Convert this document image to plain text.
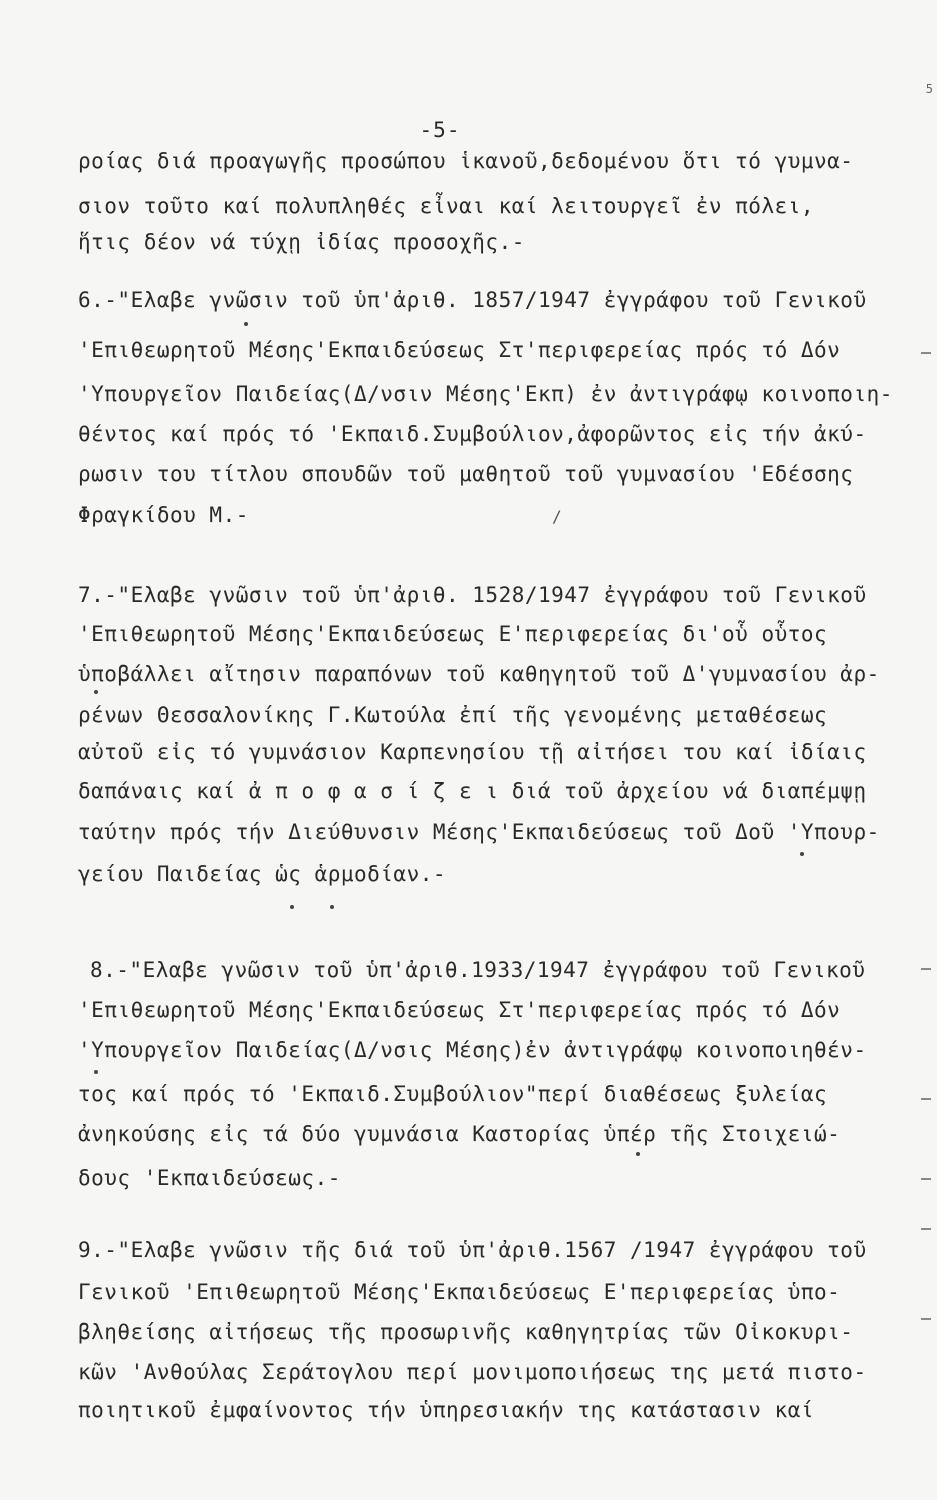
5
-5-
ροίας διά προαγωγῆς προσώπου ἱκανοῦ,δεδομένου ὅτι τό γυμνα-
σιον τοῦτο καί πολυπληθές εἶναι καί λειτουργεῖ ἐν πόλει,
ἥτις δέον νά τύχῃ ἰδίας προσοχῆς.-
6.-"Ελαβε γνῶσιν τοῦ ὑπ'ἀριθ. 1857/1947 ἐγγράφου τοῦ Γενικοῦ
'Επιθεωρητοῦ Μέσης'Εκπαιδεύσεως Στ'περιφερείας πρός τό Δόν
'Υπουργεῖον Παιδείας(Δ/νσιν Μέσης'Εκπ) ἐν ἀντιγράφῳ κοινοποιη-
θέντος καί πρός τό 'Εκπαιδ.Συμβούλιον,ἀφορῶντος εἰς τήν ἀκύ-
ρωσιν του τίτλου σπουδῶν τοῦ μαθητοῦ τοῦ γυμνασίου 'Εδέσσης
Φραγκίδου Μ.-	/
7.-"Ελαβε γνῶσιν τοῦ ὑπ'ἀριθ. 1528/1947 ἐγγράφου τοῦ Γενικοῦ
'Επιθεωρητοῦ Μέσης'Εκπαιδεύσεως Ε'περιφερείας δι'οὗ οὗτος
ὑποβάλλει αἴτησιν παραπόνων τοῦ καθηγητοῦ τοῦ Δ'γυμνασίου ἀρ-
ρένων Θεσσαλονίκης Γ.Κωτούλα ἐπί τῆς γενομένης μεταθέσεως
αὐτοῦ εἰς τό γυμνάσιον Καρπενησίου τῇ αἰτήσει του καί ἰδίαις
δαπάναις καί ἀ π ο φ α σ ί ζ ε ι διά τοῦ ἀρχείου νά διαπέμψῃ
ταύτην πρός τήν Διεύθυνσιν Μέσης'Εκπαιδεύσεως τοῦ Δοῦ 'Υπουρ-
γείου Παιδείας ὡς ἁρμοδίαν.-
8.-"Ελαβε γνῶσιν τοῦ ὑπ'ἀριθ.1933/1947 ἐγγράφου τοῦ Γενικοῦ
'Επιθεωρητοῦ Μέσης'Εκπαιδεύσεως Στ'περιφερείας πρός τό Δόν
'Υπουργεῖον Παιδείας(Δ/νσις Μέσης)ἐν ἀντιγράφῳ κοινοποιηθέν-
τος καί πρός τό 'Εκπαιδ.Συμβούλιον"περί διαθέσεως ξυλείας
ἀνηκούσης εἰς τά δύο γυμνάσια Καστορίας ὑπέρ τῆς Στοιχειώ-
δους 'Εκπαιδεύσεως.-
9.-"Ελαβε γνῶσιν τῆς διά τοῦ ὑπ'ἀριθ.1567 /1947 ἐγγράφου τοῦ
Γενικοῦ 'Επιθεωρητοῦ Μέσης'Εκπαιδεύσεως Ε'περιφερείας ὑπο-
βληθείσης αἰτήσεως τῆς προσωρινῆς καθηγητρίας τῶν Οἰκοκυρι-
κῶν 'Ανθούλας Σεράτογλου περί μονιμοποιήσεως της μετά πιστο-
ποιητικοῦ ἐμφαίνοντος τήν ὑπηρεσιακήν της κατάστασιν καί
